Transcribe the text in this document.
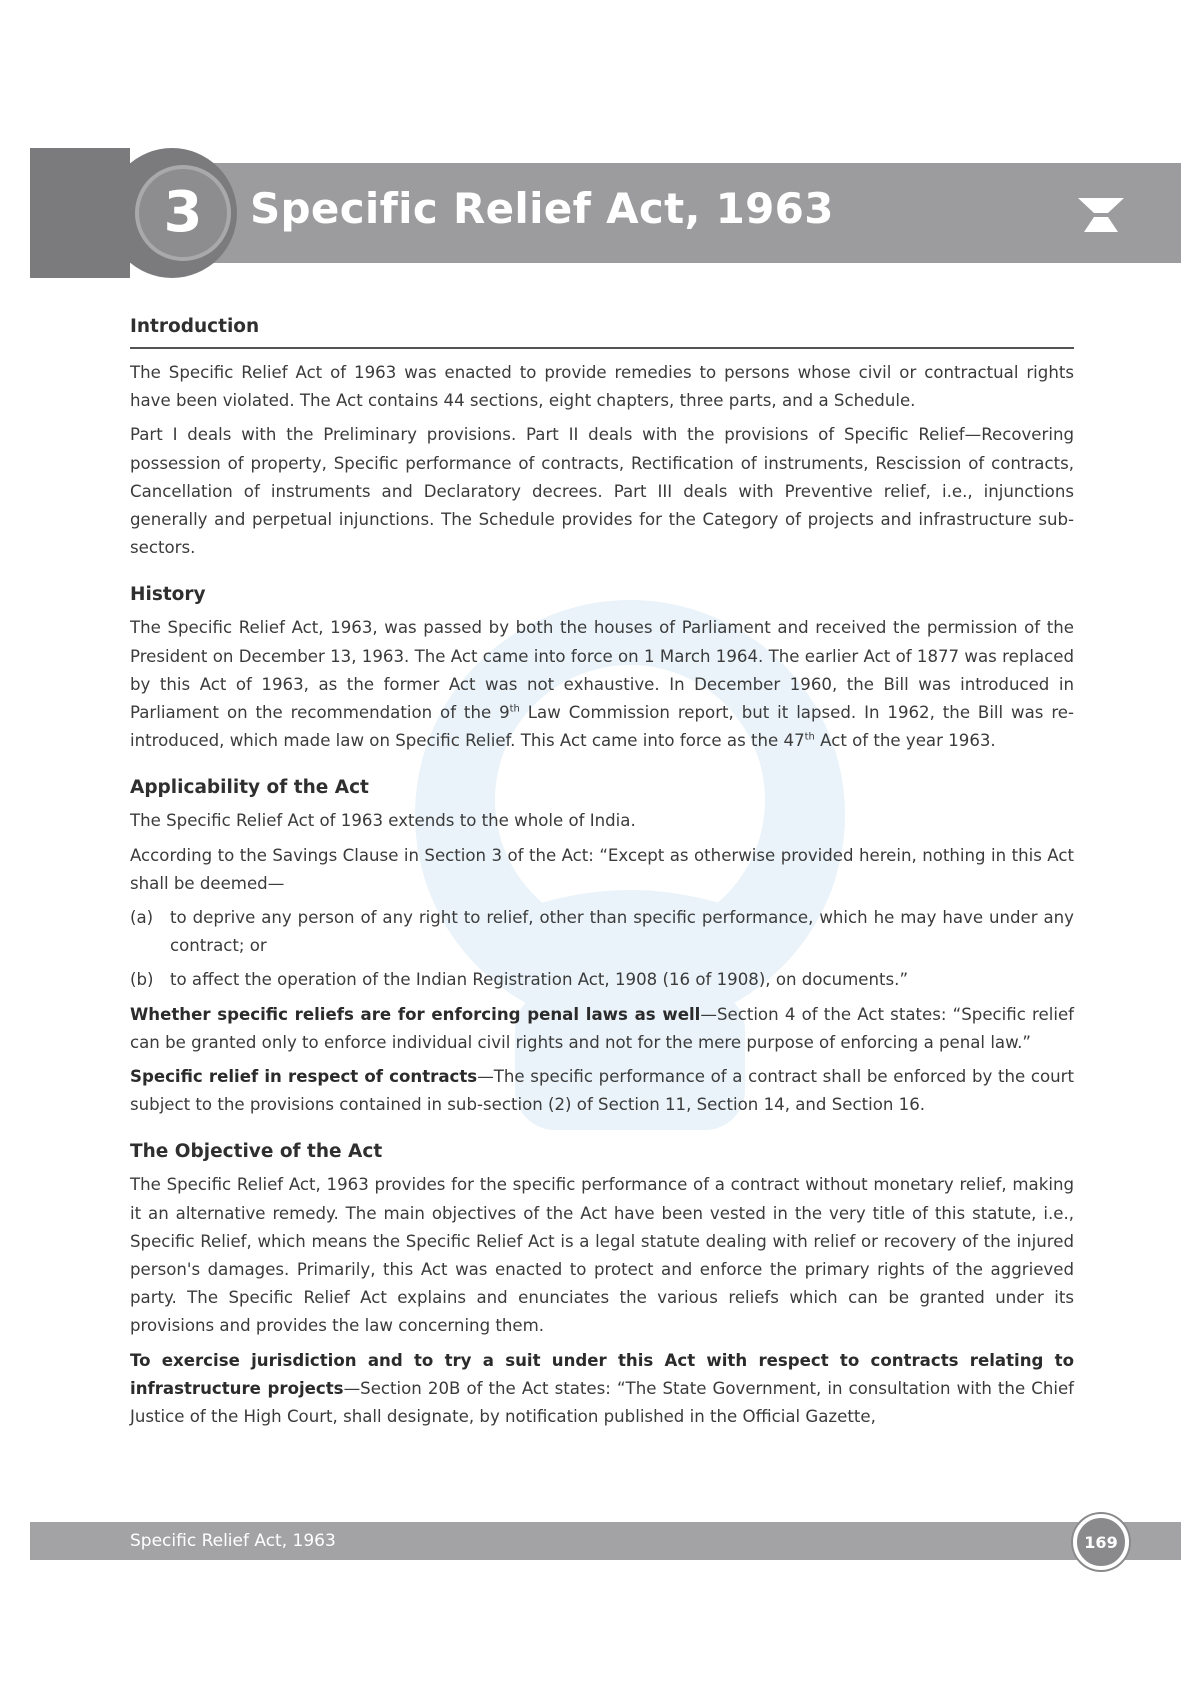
3 Specific Relief Act, 1963
Introduction

The Specific Relief Act of 1963 was enacted to provide remedies to persons whose civil or contractual rights have been violated. The Act contains 44 sections, eight chapters, three parts, and a Schedule.

Part I deals with the Preliminary provisions. Part II deals with the provisions of Specific Relief—Recovering possession of property, Specific performance of contracts, Rectification of instruments, Rescission of contracts, Cancellation of instruments and Declaratory decrees. Part III deals with Preventive relief, i.e., injunctions generally and perpetual injunctions. The Schedule provides for the Category of projects and infrastructure sub-sectors.

History

The Specific Relief Act, 1963, was passed by both the houses of Parliament and received the permission of the President on December 13, 1963. The Act came into force on 1 March 1964. The earlier Act of 1877 was replaced by this Act of 1963, as the former Act was not exhaustive. In December 1960, the Bill was introduced in Parliament on the recommendation of the 9th Law Commission report, but it lapsed. In 1962, the Bill was re-introduced, which made law on Specific Relief. This Act came into force as the 47th Act of the year 1963.

Applicability of the Act

The Specific Relief Act of 1963 extends to the whole of India.

According to the Savings Clause in Section 3 of the Act: “Except as otherwise provided herein, nothing in this Act shall be deemed—

(a)	to deprive any person of any right to relief, other than specific performance, which he may have under any contract; or
(b) to affect the operation of the Indian Registration Act, 1908 (16 of 1908), on documents.”

Whether specific reliefs are for enforcing penal laws as well—Section 4 of the Act states: “Specific relief can be granted only to enforce individual civil rights and not for the mere purpose of enforcing a penal law.”

Specific relief in respect of contracts—The specific performance of a contract shall be enforced by the court subject to the provisions contained in sub-section (2) of Section 11, Section 14, and Section 16.

The Objective of the Act

The Specific Relief Act, 1963 provides for the specific performance of a contract without monetary relief, making it an alternative remedy. The main objectives of the Act have been vested in the very title of this statute, i.e., Specific Relief, which means the Specific Relief Act is a legal statute dealing with relief or recovery of the injured person's damages. Primarily, this Act was enacted to protect and enforce the primary rights of the aggrieved party. The Specific Relief Act explains and enunciates the various reliefs which can be granted under its provisions and provides the law concerning them.

To exercise jurisdiction and to try a suit under this Act with respect to contracts relating to infrastructure projects—Section 20B of the Act states: “The State Government, in consultation with the Chief Justice of the High Court, shall designate, by notification published in the Official Gazette,

Specific Relief Act, 1963	169
